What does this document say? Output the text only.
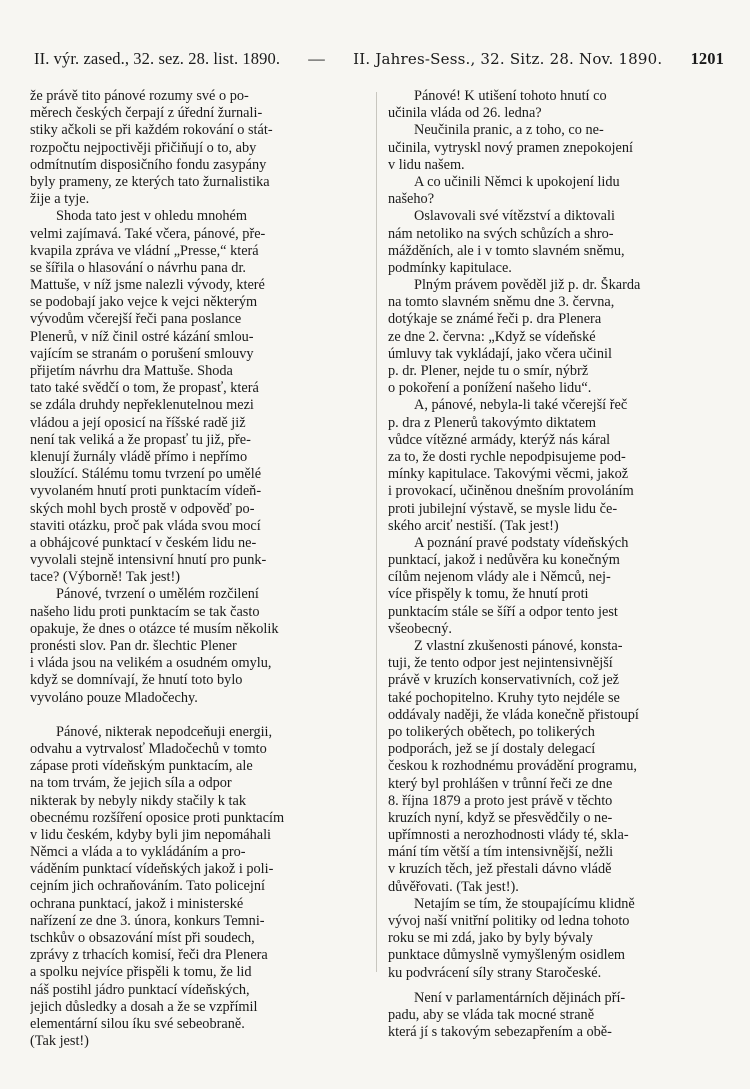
II. výr. zased., 32. sez. 28. list. 1890. — II. Jahres-Sess., 32. Sitz. 28. Nov. 1890. 1201
že právě tito pánové rozumy své o po-
měrech českých čerpají z úřední žurnali-
stiky ačkoli se při každém rokování o stát-
rozpočtu nejpoctivěji přičiňují o to, aby
odmítnutím disposičního fondu zasypány
byly prameny, ze kterých tato žurnalistika
žije a tyje.
Shoda tato jest v ohledu mnohém
velmi zajímavá. Také včera, pánové, pře-
kvapila zpráva ve vládní „Presse,“ která
se šířila o hlasování o návrhu pana dr.
Mattuše, v níž jsme nalezli vývody, které
se podobají jako vejce k vejci některým
vývodům včerejší řeči pana poslance
Plenerů, v níž činil ostré kázání smlou-
vajícím se stranám o porušení smlouvy
přijetím návrhu dra Mattuše. Shoda
tato také svědčí o tom, že propasť, která
se zdála druhdy nepřeklenutelnou mezi
vládou a její oposicí na říšské radě již
není tak veliká a že propasť tu již, pře-
klenují žurnály vládě přímo i nepřímo
sloužící. Stálému tomu tvrzení po umělé
vyvolaném hnutí proti punktacím vídeň-
ských mohl bych prostě v odpověď po-
staviti otázku, proč pak vláda svou mocí
a obhájcové punktací v českém lidu ne-
vyvolali stejně intensivní hnutí pro punk-
tace? (Výborně! Tak jest!)
Pánové, tvrzení o umělém rozčilení
našeho lidu proti punktacím se tak často
opakuje, že dnes o otázce té musím několik
pronésti slov. Pan dr. šlechtic Plener
i vláda jsou na velikém a osudném omylu,
když se domnívají, že hnutí toto bylo
vyvoláno pouze Mladočechy.
Pánové, nikterak nepodceňuji energii,
odvahu a vytrvalosť Mladočechů v tomto
zápase proti vídeňským punktacím, ale
na tom trvám, že jejich síla a odpor
nikterak by nebyly nikdy stačily k tak
obecnému rozšíření oposice proti punktacím
v lidu českém, kdyby byli jim nepomáhali
Němci a vláda a to vykládáním a pro-
váděním punktací vídeňských jakož i poli-
cejním jich ochraňováním. Tato policejní
ochrana punktací, jakož i ministerské
nařízení ze dne 3. února, konkurs Temni-
tschkův o obsazování míst při soudech,
zprávy z trhacích komisí, řeči dra Plenera
a spolku nejvíce přispěli k tomu, že lid
náš postihl jádro punktací vídeňských,
jejich důsledky a dosah a že se vzpřímil
elementární silou íku své sebeobraně.
(Tak jest!)
Pánové! K utišení tohoto hnutí co
učinila vláda od 26. ledna?
Neučinila pranic, a z toho, co ne-
učinila, vytryskl nový pramen znepokojení
v lidu našem.
A co učinili Němci k upokojení lidu
našeho?
Oslavovali své vítězství a diktovali
nám netoliko na svých schůzích a shro-
mážděních, ale i v tomto slavném sněmu,
podmínky kapitulace.
Plným právem pověděl již p. dr. Škarda
na tomto slavném sněmu dne 3. června,
dotýkaje se známé řeči p. dra Plenera
ze dne 2. června: „Když se vídeňské
úmluvy tak vykládají, jako včera učinil
p. dr. Plener, nejde tu o smír, nýbrž
o pokoření a ponížení našeho lidu“.
A, pánové, nebyla-li také včerejší řeč
p. dra z Plenerů takovýmto diktatem
vůdce vítězné armády, kterýž nás káral
za to, že dosti rychle nepodpisujeme pod-
mínky kapitulace. Takovými věcmi, jakož
i provokací, učiněnou dnešním provoláním
proti jubilejní výstavě, se mysle lidu če-
ského arciť nestiší. (Tak jest!)
A poznání pravé podstaty vídeňských
punktací, jakož i nedůvěra ku konečným
cílům nejenom vlády ale i Němců, nej-
více přispěly k tomu, že hnutí proti
punktacím stále se šíří a odpor tento jest
všeobecný.
Z vlastní zkušenosti pánové, konsta-
tuji, že tento odpor jest nejintensivnější
právě v kruzích konservativních, což jež
také pochopitelno. Kruhy tyto nejdéle se
oddávaly naději, že vláda konečně přistoupí
po tolikerých obětech, po tolikerých
podporách, jež se jí dostaly delegací
českou k rozhodnému provádění programu,
který byl prohlášen v trůnní řeči ze dne
8. října 1879 a proto jest právě v těchto
kruzích nyní, když se přesvědčily o ne-
upřímnosti a nerozhodnosti vlády té, skla-
mání tím větší a tím intensivnější, nežli
v kruzích těch, jež přestali dávno vládě
důvěřovati. (Tak jest!).
Netajím se tím, že stoupajícímu klidně
vývoj naší vnitřní politiky od ledna tohoto
roku se mi zdá, jako by byly bývaly
punktace důmyslně vymyšleným osidlem
ku podvrácení síly strany Staročeské.
Není v parlamentárních dějinách pří-
padu, aby se vláda tak mocné straně
která jí s takovým sebezapřením a obě-
